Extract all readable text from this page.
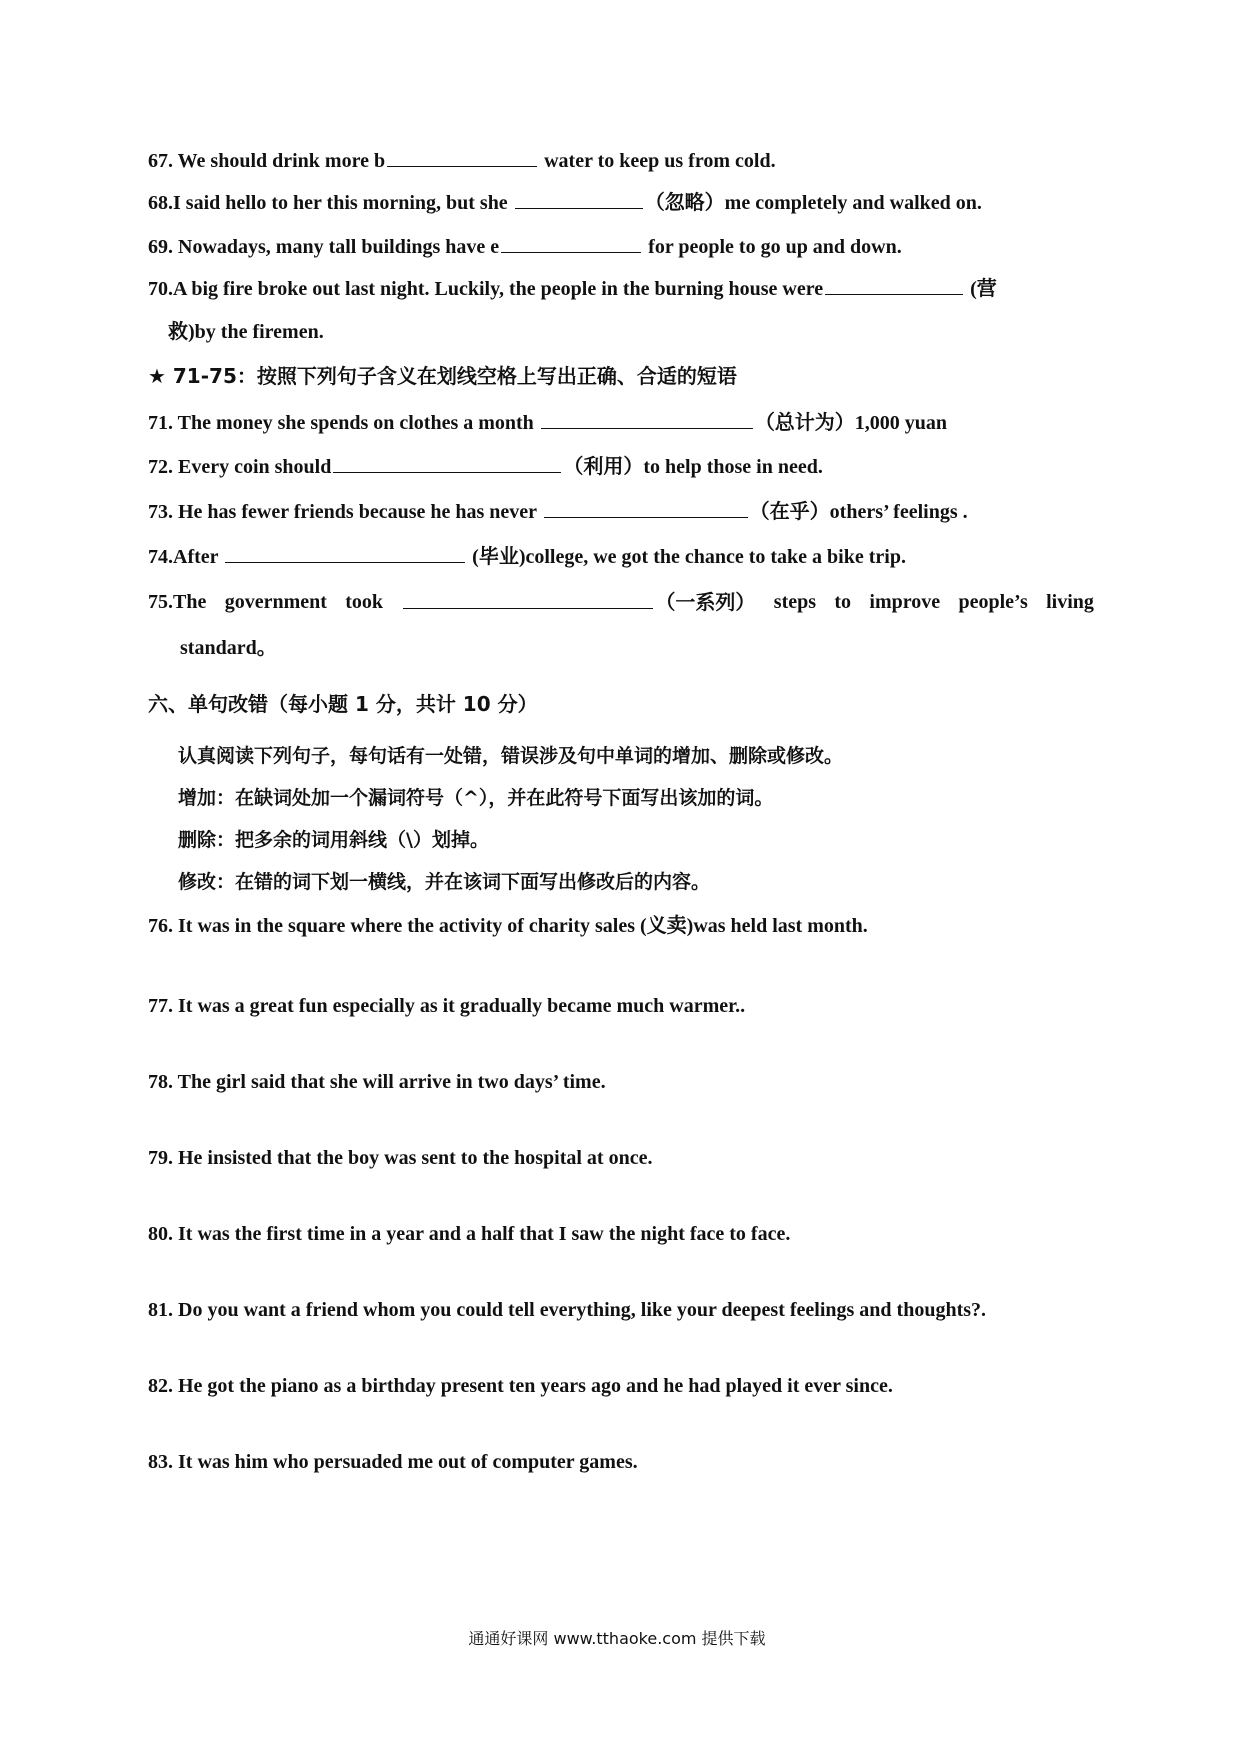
67. We should drink more b	water to keep us from cold.
68.I said hello to her this morning, but she	（忽略）me completely and walked on.
69. Nowadays, many tall buildings have e	for people to go up and down.
70.A big fire broke out last night. Luckily, the people in the burning house were	(营
救)by the firemen.
★ 71-75：按照下列句子含义在划线空格上写出正确、合适的短语
71. The money she spends on clothes a month	（总计为）1,000 yuan
72. Every coin should	（利用）to help those in need.
73. He has fewer friends because he has never	（在乎）others’ feelings .
74.After	(毕业)college, we got the chance to take a bike trip.
75.The government took	（一系列） steps to improve people’s living
standard。
六、单句改错（每小题 1 分，共计 10 分）
认真阅读下列句子，每句话有一处错，错误涉及句中单词的增加、删除或修改。
增加：在缺词处加一个漏词符号（^），并在此符号下面写出该加的词。
删除：把多余的词用斜线（\）划掉。
修改：在错的词下划一横线，并在该词下面写出修改后的内容。
76. It was in the square where the activity of charity sales (义卖)was held last month.
77. It was a great fun especially as it gradually became much warmer..
78. The girl said that she will arrive in two days’ time.
79. He insisted that the boy was sent to the hospital at once.
80. It was the first time in a year and a half that I saw the night face to face.
81. Do you want a friend whom you could tell everything, like your deepest feelings and thoughts?.
82. He got the piano as a birthday present ten years ago and he had played it ever since.
83. It was him who persuaded me out of computer games.
通通好课网 www.tthaoke.com 提供下载
